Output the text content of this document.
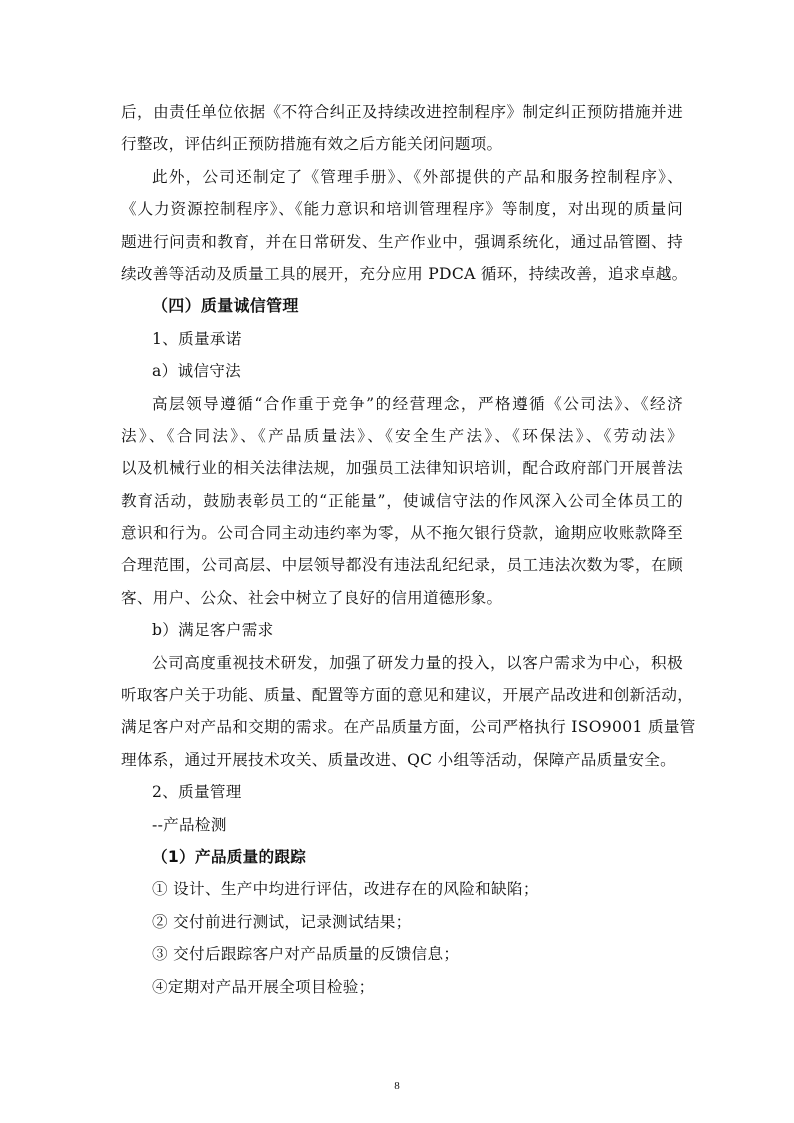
后，由责任单位依据《不符合纠正及持续改进控制程序》制定纠正预防措施并进
行整改，评估纠正预防措施有效之后方能关闭问题项。
此外，公司还制定了《管理手册》、《外部提供的产品和服务控制程序》、
《人力资源控制程序》、《能力意识和培训管理程序》等制度，对出现的质量问
题进行问责和教育，并在日常研发、生产作业中，强调系统化，通过品管圈、持
续改善等活动及质量工具的展开，充分应用 PDCA 循环，持续改善，追求卓越。
（四）质量诚信管理
1、质量承诺
a）诚信守法
高层领导遵循“合作重于竞争”的经营理念，严格遵循《公司法》、《经济
法》、《合同法》、《产品质量法》、《安全生产法》、《环保法》、《劳动法》
以及机械行业的相关法律法规，加强员工法律知识培训，配合政府部门开展普法
教育活动，鼓励表彰员工的“正能量”，使诚信守法的作风深入公司全体员工的
意识和行为。公司合同主动违约率为零，从不拖欠银行贷款，逾期应收账款降至
合理范围，公司高层、中层领导都没有违法乱纪纪录，员工违法次数为零，在顾
客、用户、公众、社会中树立了良好的信用道德形象。
b）满足客户需求
公司高度重视技术研发，加强了研发力量的投入，以客户需求为中心，积极
听取客户关于功能、质量、配置等方面的意见和建议，开展产品改进和创新活动，
满足客户对产品和交期的需求。在产品质量方面，公司严格执行 ISO9001 质量管
理体系，通过开展技术攻关、质量改进、QC 小组等活动，保障产品质量安全。
2、质量管理
--产品检测
（1）产品质量的跟踪
① 设计、生产中均进行评估，改进存在的风险和缺陷；
② 交付前进行测试，记录测试结果；
③ 交付后跟踪客户对产品质量的反馈信息；
④定期对产品开展全项目检验；
8
